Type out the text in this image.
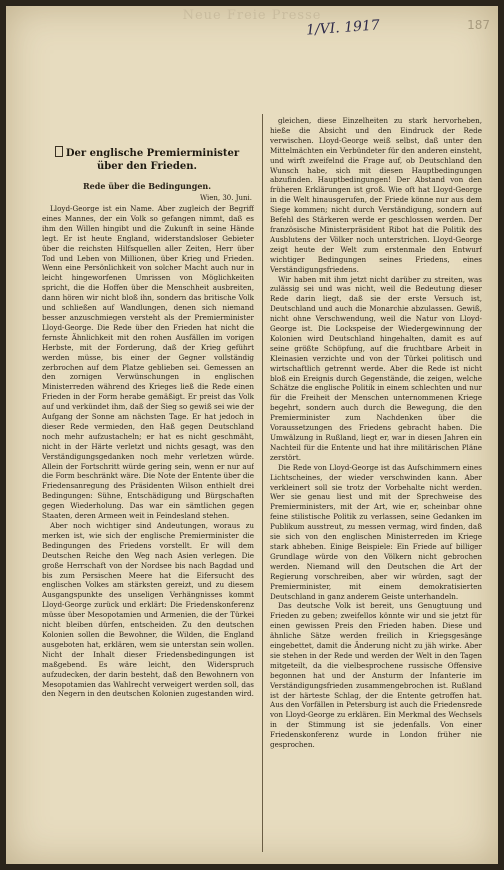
Neue Freie Presse
1/VI. 1917	187
Der englische Premierminister über den Frieden.
Rede über die Bedingungen.
Wien, 30. Juni.

Lloyd-George ist ein Name. Aber zugleich der Begriff eines Mannes, der ein Volk so gefangen nimmt, daß es ihm den Willen hingibt und die Zukunft in seine Hände legt. Er ist heute England, widerstandsloser Gebieter über die reichsten Hilfsquellen aller Zeiten, Herr über Tod und Leben von Millionen, über Krieg und Frieden. Wenn eine Persönlichkeit von solcher Macht auch nur in leicht hingeworfenen Umrissen von Möglichkeiten spricht, die die Hoffen über die Menschheit ausbreiten, dann hören wir nicht bloß ihn, sondern das britische Volk und schließen auf Wandlungen, denen sich niemand besser anzuschmiegen versteht als der Premierminister Lloyd-George. Die Rede über den Frieden hat nicht die fernste Ähnlichkeit mit den rohen Ausfällen im vorigen Herbste, mit der Forderung, daß der Krieg geführt werden müsse, bis einer der Gegner vollständig zerbrochen auf dem Platze geblieben sei. Gemessen an den zornigen Verwünschungen in englischen Ministerreden während des Krieges ließ die Rede einen Frieden in der Form herabe gemäßigt. Er preist das Volk auf und verkündet ihm, daß der Sieg so gewiß sei wie der Aufgang der Sonne am nächsten Tage. Er hat jedoch in dieser Rede vermieden, den Haß gegen Deutschland noch mehr aufzustacheln; er hat es nicht geschmäht, nicht in der Härte verletzt und nichts gesagt, was den Verständigungsgedanken noch mehr verletzen würde. Allein der Fortschritt würde gering sein, wenn er nur auf die Form beschränkt wäre. Die Note der Entente über die Friedensanregung des Präsidenten Wilson enthielt drei Bedingungen: Sühne, Entschädigung und Bürgschaften gegen Wiederholung. Das war ein sämtlichen gegen Staaten, deren Armeen weit in Feindesland stehen.

Aber noch wichtiger sind Andeutungen, woraus zu merken ist, wie sich der englische Premierminister die Bedingungen des Friedens vorstellt. Er will dem Deutschen Reiche den Weg nach Asien verlegen. Die große Herrschaft von der Nordsee bis nach Bagdad und bis zum Persischen Meere hat die Eifersucht des englischen Volkes am stärksten gereizt, und zu diesem Ausgangspunkte des unseligen Verhängnisses kommt Lloyd-George zurück und erklärt: Die Friedenskonferenz müsse über Mesopotamien und Armenien, die der Türkei nicht bleiben dürfen, entscheiden. Zu den deutschen Kolonien sollen die Bewohner, die Wilden, die England ausgeboten hat, erklären, wem sie unterstan sein wollen. Nicht der Inhalt dieser Friedensbedingungen ist maßgebend. Es wäre leicht, den Widerspruch aufzudecken, der darin besteht, daß den Bewohnern von Mesopotamien das Wahlrecht verweigert werden soll, das den Negern in den deutschen Kolonien zugestanden wird.

gleichen, diese Einzelheiten zu stark hervorheben, hieße die Absicht und den Eindruck der Rede verwischen. Lloyd-George weiß selbst, daß unter den Mittelmächten ein Verbündeter für den anderen einsteht, und wirft zweifelnd die Frage auf, ob Deutschland den Wunsch habe, sich mit diesen Hauptbedingungen abzufinden. Hauptbedingungen! Der Abstand von den früheren Erklärungen ist groß. Wie oft hat Lloyd-George in die Welt hinausgerufen, der Friede könne nur aus dem Siege kommen; nicht durch Verständigung, sondern auf Befehl des Stärkeren werde er geschlossen werden. Der französische Ministerpräsident Ribot hat die Politik des Ausblutens der Völker noch unterstrichen. Lloyd-George zeigt heute der Welt zum erstenmale den Entwurf wichtiger Bedingungen seines Friedens, eines Verständigungsfriedens.

Wir haben mit ihm jetzt nicht darüber zu streiten, was zulässig sei und was nicht, weil die Bedeutung dieser Rede darin liegt, daß sie der erste Versuch ist, Deutschland und auch die Monarchie abzulassen. Gewiß, nicht ohne Verschwendung, weil die Natur von Lloyd-George ist. Die Lockspeise der Wiedergewinnung der Kolonien wird Deutschland hingehalten, damit es auf seine größte Schöpfung, auf die fruchtbare Arbeit in Kleinasien verzichte und von der Türkei politisch und wirtschaftlich getrennt werde. Aber die Rede ist nicht bloß ein Ereignis durch Gegenstände, die zeigen, welche Schätze die englische Politik in einem schlechten und nur für die Freiheit der Menschen unternommenen Kriege begehrt, sondern auch durch die Bewegung, die den Premierminister zum Nachdenken über die Voraussetzungen des Friedens gebracht haben. Die Umwälzung in Rußland, liegt er, war in diesen Jahren ein Nachteil für die Entente und hat ihre militärischen Pläne zerstört.

Die Rede von Lloyd-George ist das Aufschimmern eines Lichtscheines, der wieder verschwinden kann. Aber verkleinert soll sie trotz der Vorbehalte nicht werden. Wer sie genau liest und mit der Sprechweise des Premierministers, mit der Art, wie er, scheinbar ohne feine stilistische Politik zu verlassen, seine Gedanken im Publikum ausstreut, zu messen vermag, wird finden, daß sie sich von den englischen Ministerreden im Kriege stark abheben. Einige Beispiele: Ein Friede auf billiger Grundlage würde von den Völkern nicht gebrochen werden. Niemand will den Deutschen die Art der Regierung vorschreiben, aber wir würden, sagt der Premierminister, mit einem demokratisierten Deutschland in ganz anderem Geiste unterhandeln.

Das deutsche Volk ist bereit, uns Genugtuung und Frieden zu geben; zweifellos könnte wir und sie jetzt für einen gewissen Preis den Frieden haben. Diese und ähnliche Sätze werden freilich in Kriegsgesänge eingebettet, damit die Änderung nicht zu jäh wirke. Aber sie stehen in der Rede und werden der Welt in den Tagen mitgeteilt, da die vielbesprochene russische Offensive begonnen hat und der Ansturm der Infanterie im Verständigungsfrieden zusammengebrochen ist. Rußland ist der härteste Schlag, der die Entente getroffen hat. Aus den Vorfällen in Petersburg ist auch die Friedensrede von Lloyd-George zu erklären. Ein Merkmal des Wechsels in der Stimmung ist sie jedenfalls. Von einer Friedenskonferenz wurde in London früher nie gesprochen.
